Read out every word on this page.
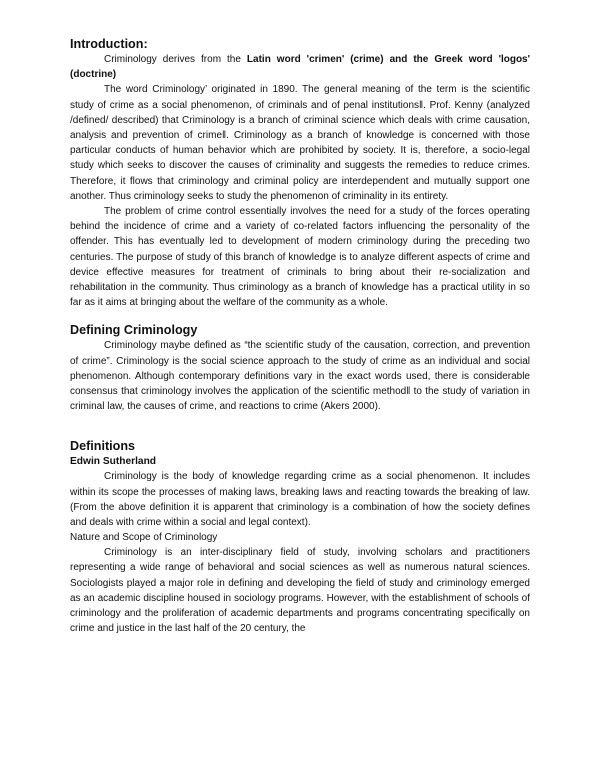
Introduction:

Criminology derives from the Latin word 'crimen' (crime) and the Greek word 'logos' (doctrine)

The word Criminology’ originated in 1890. The general meaning of the term is the scientific study of crime as a social phenomenon, of criminals and of penal institutions‖. Prof. Kenny (analyzed /defined/ described) that Criminology is a branch of criminal science which deals with crime causation, analysis and prevention of crime‖. Criminology as a branch of knowledge is concerned with those particular conducts of human behavior which are prohibited by society. It is, therefore, a socio-legal study which seeks to discover the causes of criminality and suggests the remedies to reduce crimes. Therefore, it flows that criminology and criminal policy are interdependent and mutually support one another. Thus criminology seeks to study the phenomenon of criminality in its entirety.

The problem of crime control essentially involves the need for a study of the forces operating behind the incidence of crime and a variety of co-related factors influencing the personality of the offender. This has eventually led to development of modern criminology during the preceding two centuries. The purpose of study of this branch of knowledge is to analyze different aspects of crime and device effective measures for treatment of criminals to bring about their re-socialization and rehabilitation in the community. Thus criminology as a branch of knowledge has a practical utility in so far as it aims at bringing about the welfare of the community as a whole.

Defining Criminology

Criminology maybe defined as “the scientific study of the causation, correction, and prevention of crime”. Criminology is the social science approach to the study of crime as an individual and social phenomenon. Although contemporary definitions vary in the exact words used, there is considerable consensus that criminology involves the application of the scientific method‖ to the study of variation in criminal law, the causes of crime, and reactions to crime (Akers 2000).

Definitions
Edwin Sutherland

Criminology is the body of knowledge regarding crime as a social phenomenon. It includes within its scope the processes of making laws, breaking laws and reacting towards the breaking of law. (From the above definition it is apparent that criminology is a combination of how the society defines and deals with crime within a social and legal context).

Nature and Scope of Criminology

Criminology is an inter-disciplinary field of study, involving scholars and practitioners representing a wide range of behavioral and social sciences as well as numerous natural sciences. Sociologists played a major role in defining and developing the field of study and criminology emerged as an academic discipline housed in sociology programs. However, with the establishment of schools of criminology and the proliferation of academic departments and programs concentrating specifically on crime and justice in the last half of the 20 century, the
